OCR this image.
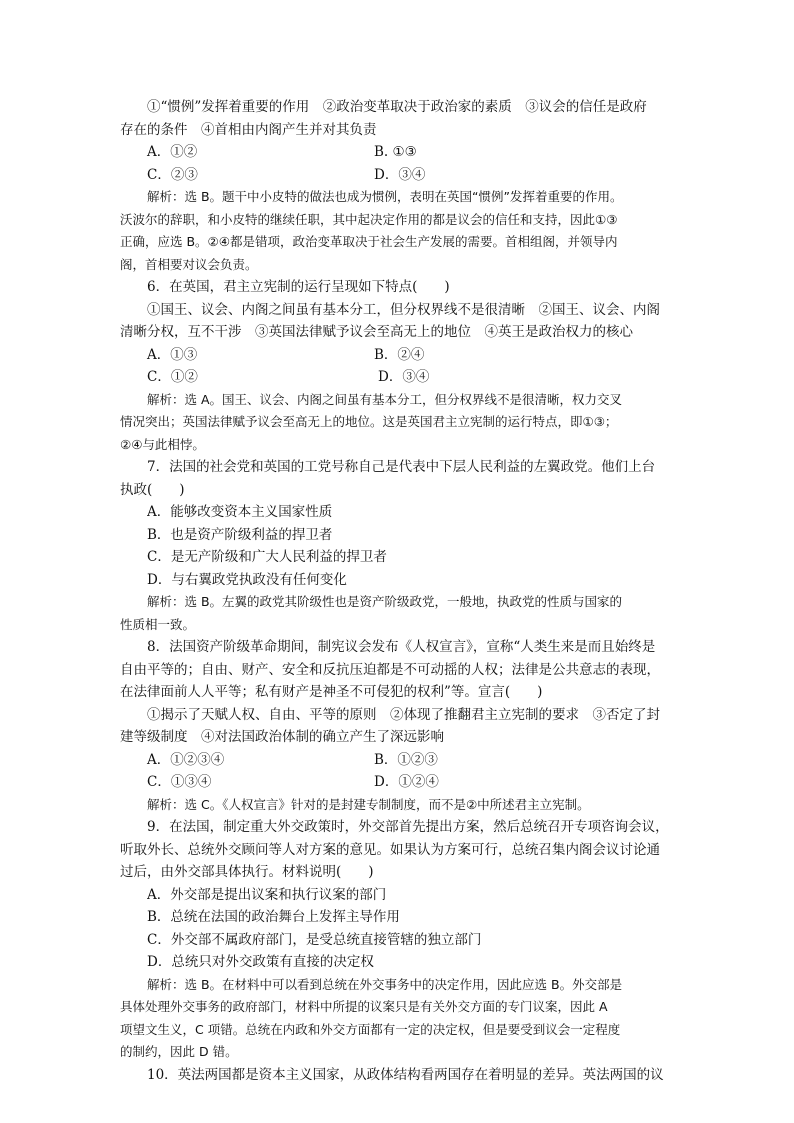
①“惯例”发挥着重要的作用　②政治变革取决于政治家的素质　③议会的信任是政府
存在的条件　④首相由内阁产生并对其负责
A．①②	B. ①③
C．②③	D．③④
解析：选 B。题干中小皮特的做法也成为惯例，表明在英国“惯例”发挥着重要的作用。
沃波尔的辞职，和小皮特的继续任职，其中起决定作用的都是议会的信任和支持，因此①③
正确，应选 B。②④都是错项，政治变革取决于社会生产发展的需要。首相组阁，并领导内
阁，首相要对议会负责。
6．在英国，君主立宪制的运行呈现如下特点(　　)
①国王、议会、内阁之间虽有基本分工，但分权界线不是很清晰　②国王、议会、内阁
清晰分权，互不干涉　③英国法律赋予议会至高无上的地位　④英王是政治权力的核心
A．①③	B．②④
C．①②	D．③④
解析：选 A。国王、议会、内阁之间虽有基本分工，但分权界线不是很清晰，权力交叉
情况突出；英国法律赋予议会至高无上的地位。这是英国君主立宪制的运行特点，即①③；
②④与此相悖。
7．法国的社会党和英国的工党号称自己是代表中下层人民利益的左翼政党。他们上台
执政(　　)
A．能够改变资本主义国家性质
B．也是资产阶级利益的捍卫者
C．是无产阶级和广大人民利益的捍卫者
D．与右翼政党执政没有任何变化
解析：选 B。左翼的政党其阶级性也是资产阶级政党，一般地，执政党的性质与国家的
性质相一致。
8．法国资产阶级革命期间，制宪议会发布《人权宣言》，宣称“人类生来是而且始终是
自由平等的；自由、财产、安全和反抗压迫都是不可动摇的人权；法律是公共意志的表现，
在法律面前人人平等；私有财产是神圣不可侵犯的权利”等。宣言(　　)
①揭示了天赋人权、自由、平等的原则　②体现了推翻君主立宪制的要求　③否定了封
建等级制度　④对法国政治体制的确立产生了深远影响
A．①②③④	B．①②③
C．①③④	D．①②④
解析：选 C。《人权宣言》针对的是封建专制制度，而不是②中所述君主立宪制。
9．在法国，制定重大外交政策时，外交部首先提出方案，然后总统召开专项咨询会议，
听取外长、总统外交顾问等人对方案的意见。如果认为方案可行，总统召集内阁会议讨论通
过后，由外交部具体执行。材料说明(　　)
A．外交部是提出议案和执行议案的部门
B．总统在法国的政治舞台上发挥主导作用
C．外交部不属政府部门，是受总统直接管辖的独立部门
D．总统只对外交政策有直接的决定权
解析：选 B。在材料中可以看到总统在外交事务中的决定作用，因此应选 B。外交部是
具体处理外交事务的政府部门，材料中所提的议案只是有关外交方面的专门议案，因此 A
项望文生义，C 项错。总统在内政和外交方面都有一定的决定权，但是要受到议会一定程度
的制约，因此 D 错。
10．英法两国都是资本主义国家，从政体结构看两国存在着明显的差异。英法两国的议
